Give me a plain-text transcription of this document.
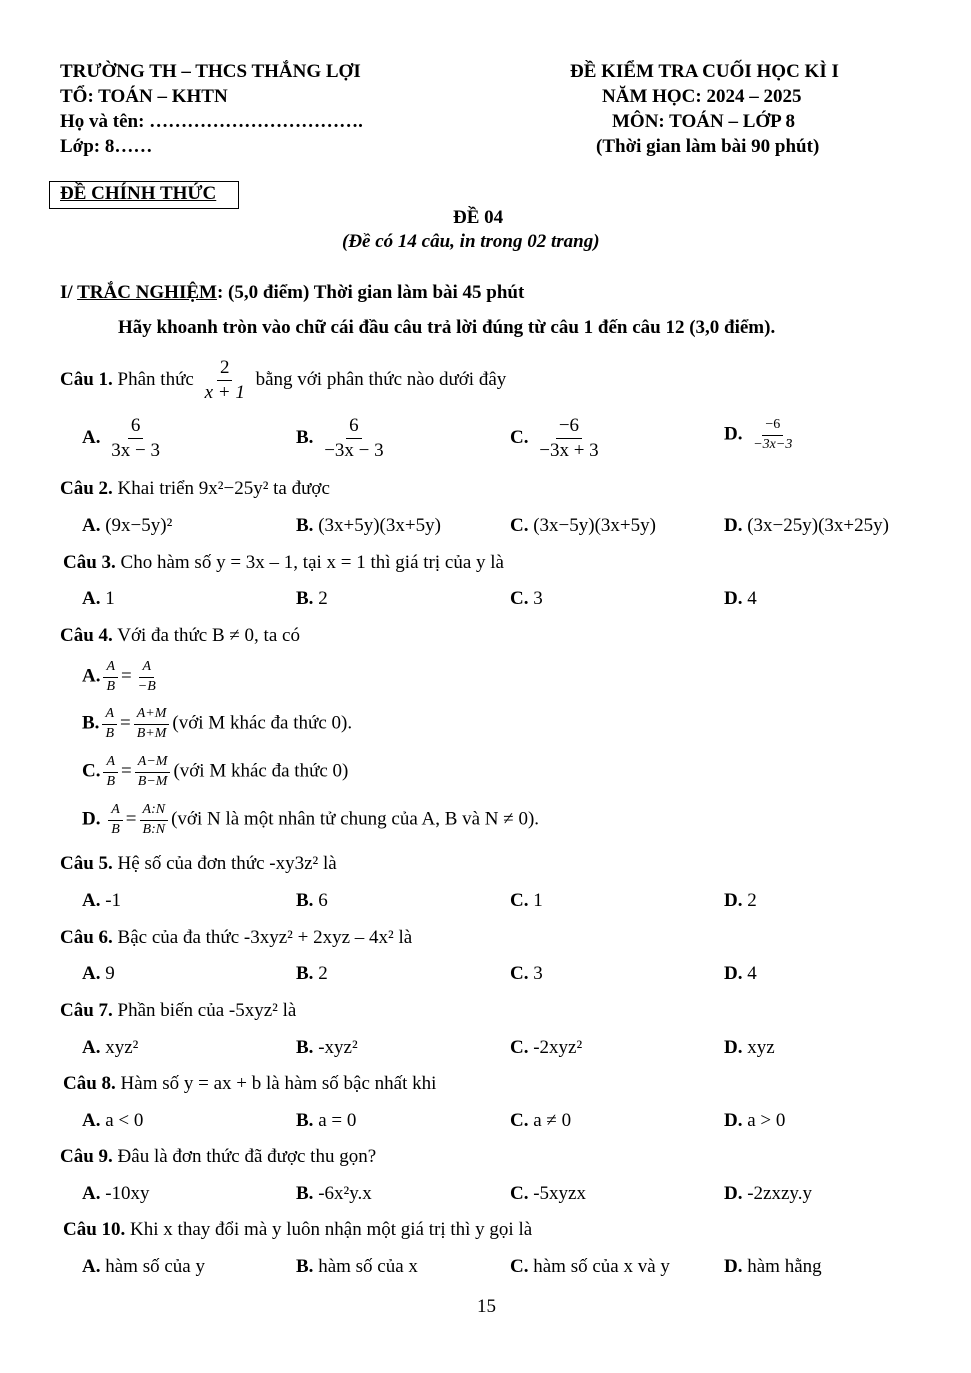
TRƯỜNG TH – THCS THẮNG LỢI
TỔ: TOÁN – KHTN
Họ và tên: …………………………….
Lớp: 8……
ĐỀ KIỂM TRA CUỐI HỌC KÌ I
NĂM HỌC: 2024 – 2025
MÔN: TOÁN – LỚP 8
(Thời gian làm bài 90 phút)
ĐỀ CHÍNH THỨC
ĐỀ 04
(Đề có 14 câu, in trong 02 trang)
I/ TRẮC NGHIỆM: (5,0 điểm) Thời gian làm bài 45 phút
Hãy khoanh tròn vào chữ cái đầu câu trả lời đúng từ câu 1 đến câu 12 (3,0 điểm).
Câu 1. Phân thức $\frac{2}{x + 1}$ bằng với phân thức nào dưới đây
A. $\frac{6}{3x - 3}$	B. $\frac{6}{-3x - 3}$	C. $\frac{-6}{-3x + 3}$	D. $\frac{-6}{-3x-3}$
Câu 2. Khai triển 9x²−25y² ta được
A. (9x−5y)²	B. (3x+5y)(3x+5y)	C. (3x−5y)(3x+5y)	D. (3x−25y)(3x+25y)
Câu 3. Cho hàm số y = 3x – 1, tại x = 1 thì giá trị của y là
A. 1	B. 2	C. 3	D. 4
Câu 4. Với đa thức B ≠ 0, ta có
A. $\frac{A}{B} = \frac{A}{-B}$
B. $\frac{A}{B} = \frac{A+M}{B+M}$ (với M khác đa thức 0).
C. $\frac{A}{B} = \frac{A-M}{B-M}$ (với M khác đa thức 0)
D. $\frac{A}{B} = \frac{A:N}{B:N}$ (với N là một nhân tử chung của A, B và N ≠ 0).
Câu 5. Hệ số của đơn thức -xy3z² là
A. -1	B. 6	C. 1	D. 2
Câu 6. Bậc của đa thức -3xyz² + 2xyz – 4x² là
A. 9	B. 2	C. 3	D. 4
Câu 7. Phần biến của -5xyz² là
A. xyz²	B. -xyz²	C. -2xyz²	D. xyz
Câu 8. Hàm số y = ax + b là hàm số bậc nhất khi
A. a < 0	B. a = 0	C. a ≠ 0	D. a > 0
Câu 9. Đâu là đơn thức đã được thu gọn?
A. -10xy	B. -6x²y.x	C. -5xyzx	D. -2zxzy.y
Câu 10. Khi x thay đổi mà y luôn nhận một giá trị thì y gọi là
A. hàm số của y	B. hàm số của x	C. hàm số của x và y	D. hàm hằng
15
